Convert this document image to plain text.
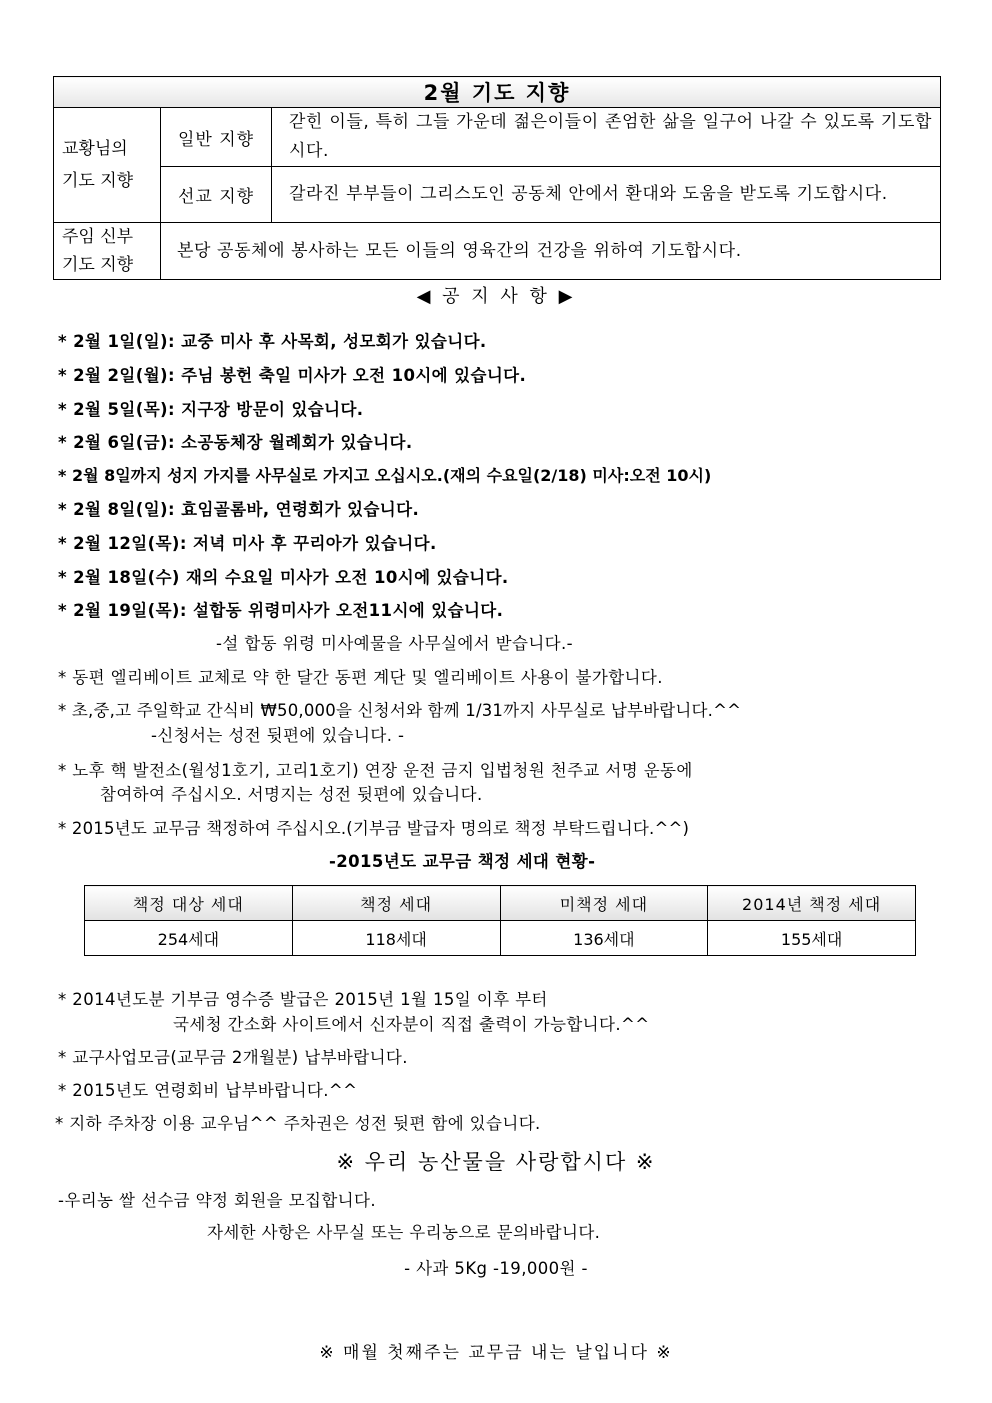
2월 기도 지향		

교황님의
기도 지향	일반 지향	갇힌 이들, 특히 그들 가운데 젊은이들이 존엄한 삶을 일구어 나갈 수 있도록 기도합시다.
	선교 지향	갈라진 부부들이 그리스도인 공동체 안에서 환대와 도움을 받도록 기도합시다.

주임 신부
기도 지향	본당 공동체에 봉사하는 모든 이들의 영육간의 건강을 위하여 기도합시다.	
◀ 공 지 사 항 ▶
* 2월 1일(일): 교중 미사 후 사목회, 성모회가 있습니다.
* 2월 2일(월): 주님 봉헌 축일 미사가 오전 10시에 있습니다.
* 2월 5일(목): 지구장 방문이 있습니다.
* 2월 6일(금): 소공동체장 월례회가 있습니다.
* 2월 8일까지 성지 가지를 사무실로 가지고 오십시오.(재의 수요일(2/18) 미사:오전 10시)
* 2월 8일(일): 효임골롬바, 연령회가 있습니다.
* 2월 12일(목): 저녁 미사 후 꾸리아가 있습니다.
* 2월 18일(수) 재의 수요일 미사가 오전 10시에 있습니다.
* 2월 19일(목): 설합동 위령미사가 오전11시에 있습니다.
-설 합동 위령 미사예물을 사무실에서 받습니다.-
* 동편 엘리베이트 교체로 약 한 달간 동편 계단 및 엘리베이트 사용이 불가합니다.
* 초,중,고 주일학교 간식비 ₩50,000을 신청서와 함께 1/31까지 사무실로 납부바랍니다.^^
-신청서는 성전 뒷편에 있습니다. -
* 노후 핵 발전소(월성1호기, 고리1호기) 연장 운전 금지 입법청원 천주교 서명 운동에
참여하여 주십시오. 서명지는 성전 뒷편에 있습니다.
* 2015년도 교무금 책정하여 주십시오.(기부금 발급자 명의로 책정 부탁드립니다.^^)
-2015년도 교무금 책정 세대 현황-
책정 대상 세대	책정 세대	미책정 세대	2014년 책정 세대
254세대	118세대	136세대	155세대
* 2014년도분 기부금 영수증 발급은 2015년 1월 15일 이후 부터
국세청 간소화 사이트에서 신자분이 직접 출력이 가능합니다.^^
* 교구사업모금(교무금 2개월분) 납부바랍니다.
* 2015년도 연령회비 납부바랍니다.^^
* 지하 주차장 이용 교우님^^ 주차권은 성전 뒷편 함에 있습니다.
※ 우리 농산물을 사랑합시다 ※
-우리농 쌀 선수금 약정 회원을 모집합니다.
자세한 사항은 사무실 또는 우리농으로 문의바랍니다.
- 사과 5Kg -19,000원 -
※ 매월 첫째주는 교무금 내는 날입니다 ※
